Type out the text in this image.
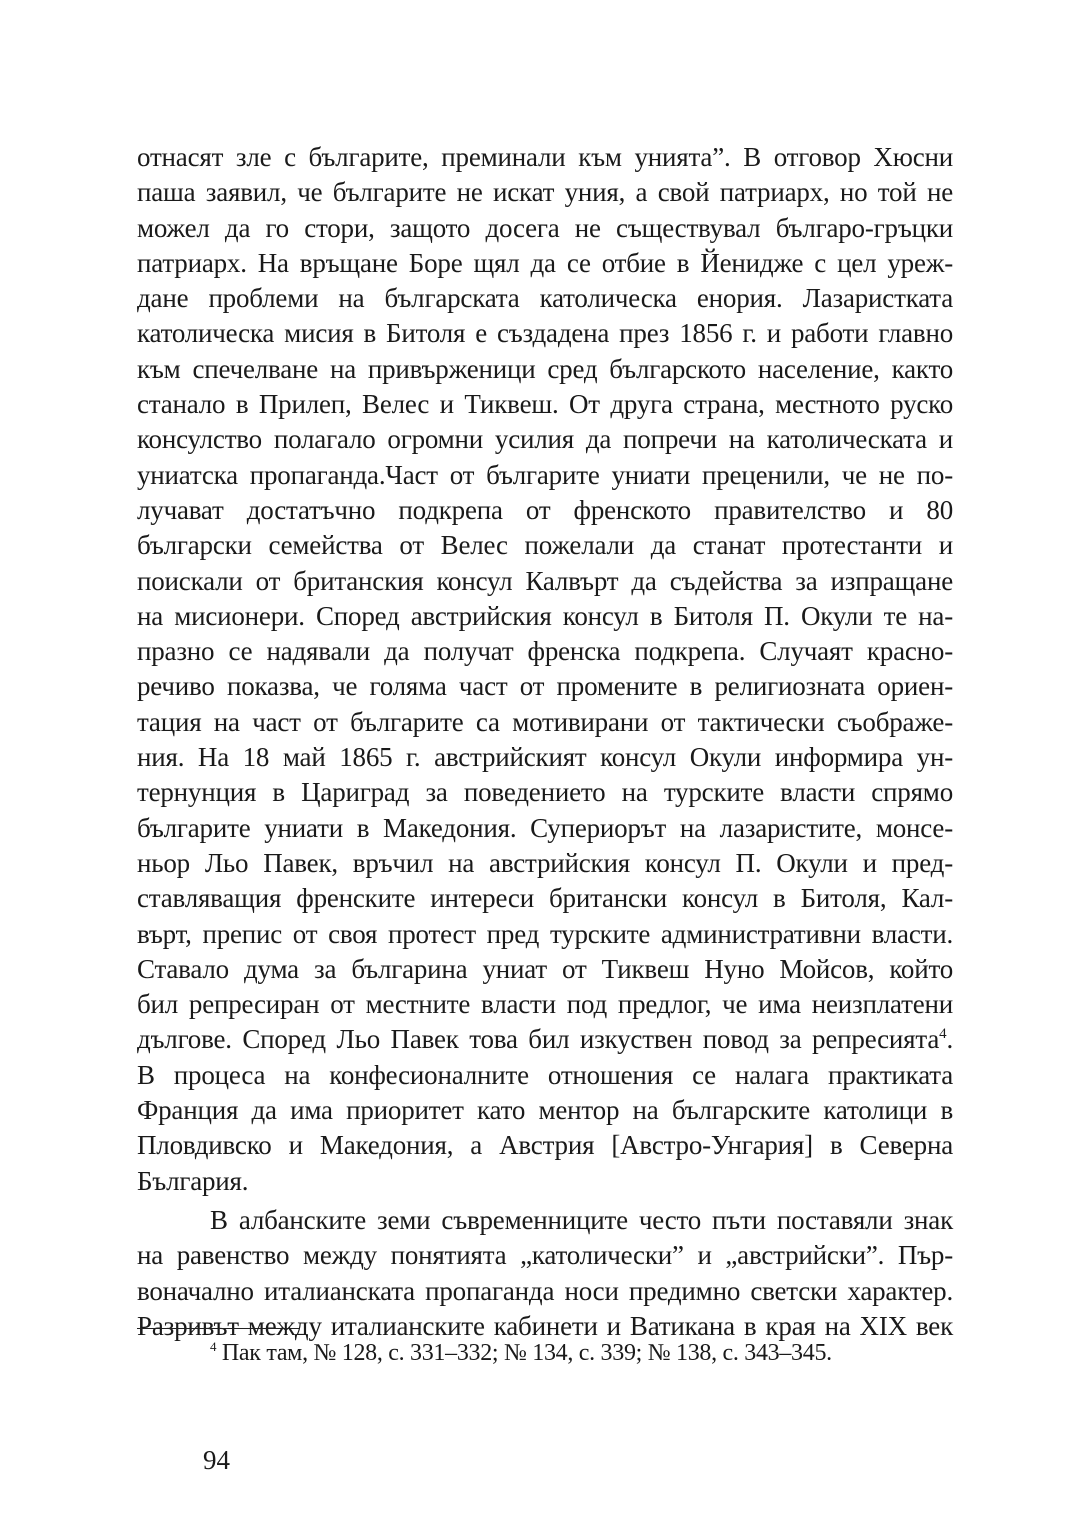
отнасят зле с българите, преминали към унията”. В отговор Хюсни
паша заявил, че българите не искат уния, а свой патриарх, но той не
можел да го стори, защото досега не съществувал българо-гръцки
патриарх. На връщане Боре щял да се отбие в Йенидже с цел уреж-
дане проблеми на българската католическа енория. Лазаристката
католическа мисия в Битоля е създадена през 1856 г. и работи главно
към спечелване на привърженици сред българското население, както
станало в Прилеп, Велес и Тиквеш. От друга страна, местното руско
консулство полагало огромни усилия да попречи на католическата и
униатска пропаганда.Част от българите униати преценили, че не по-
лучават достатъчно подкрепа от френското правителство и 80
български семейства от Велес пожелали да станат протестанти и
поискали от британския консул Калвърт да съдейства за изпращане
на мисионери. Според австрийския консул в Битоля П. Окули те на-
празно се надявали да получат френска подкрепа. Случаят красно-
речиво показва, че голяма част от промените в религиозната ориен-
тация на част от българите са мотивирани от тактически съображе-
ния. На 18 май 1865 г. австрийският консул Окули информира ун-
тернунция в Цариград за поведението на турските власти спрямо
българите униати в Македония. Супериорът на лазаристите, монсе-
ньор Льо Павек, връчил на австрийския консул П. Окули и пред-
ставляващия френските интереси британски консул в Битоля, Кал-
върт, препис от своя протест пред турските административни власти.
Ставало дума за българина униат от Тиквеш Нуно Мойсов, който
бил репресиран от местните власти под предлог, че има неизплатени
дългове. Според Льо Павек това бил изкуствен повод за репресията$^4$.
В процеса на конфесионалните отношения се налага практиката
Франция да има приоритет като ментор на българските католици в
Пловдивско и Македония, а Австрия [Австро-Унгария] в Северна
България.
В албанските земи съвременниците често пъти поставяли знак
на равенство между понятията „католически” и „австрийски”. Пър-
воначално италианската пропаганда носи предимно светски характер.
Разривът между италианските кабинети и Ватикана в края на XIX век
$^4$ Пак там, № 128, с. 331–332; № 134, с. 339; № 138, с. 343–345.
94
